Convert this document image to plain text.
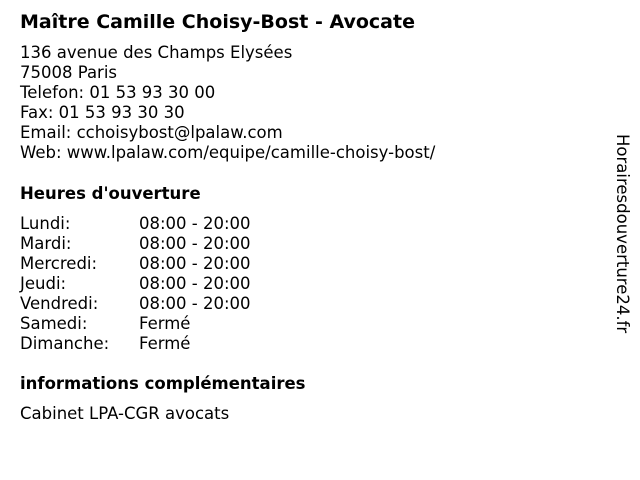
Maître Camille Choisy-Bost - Avocate
136 avenue des Champs Elysées
75008 Paris
Telefon: 01 53 93 30 00
Fax: 01 53 93 30 30
Email: cchoisybost@lpalaw.com
Web: www.lpalaw.com/equipe/camille-choisy-bost/
Heures d'ouverture
Lundi:	08:00 - 20:00
Mardi:	08:00 - 20:00
Mercredi:	08:00 - 20:00
Jeudi:	08:00 - 20:00
Vendredi: 08:00 - 20:00
Samedi:	Fermé
Dimanche: Fermé
informations complémentaires
Cabinet LPA-CGR avocats
Horairesdouverture24.fr
